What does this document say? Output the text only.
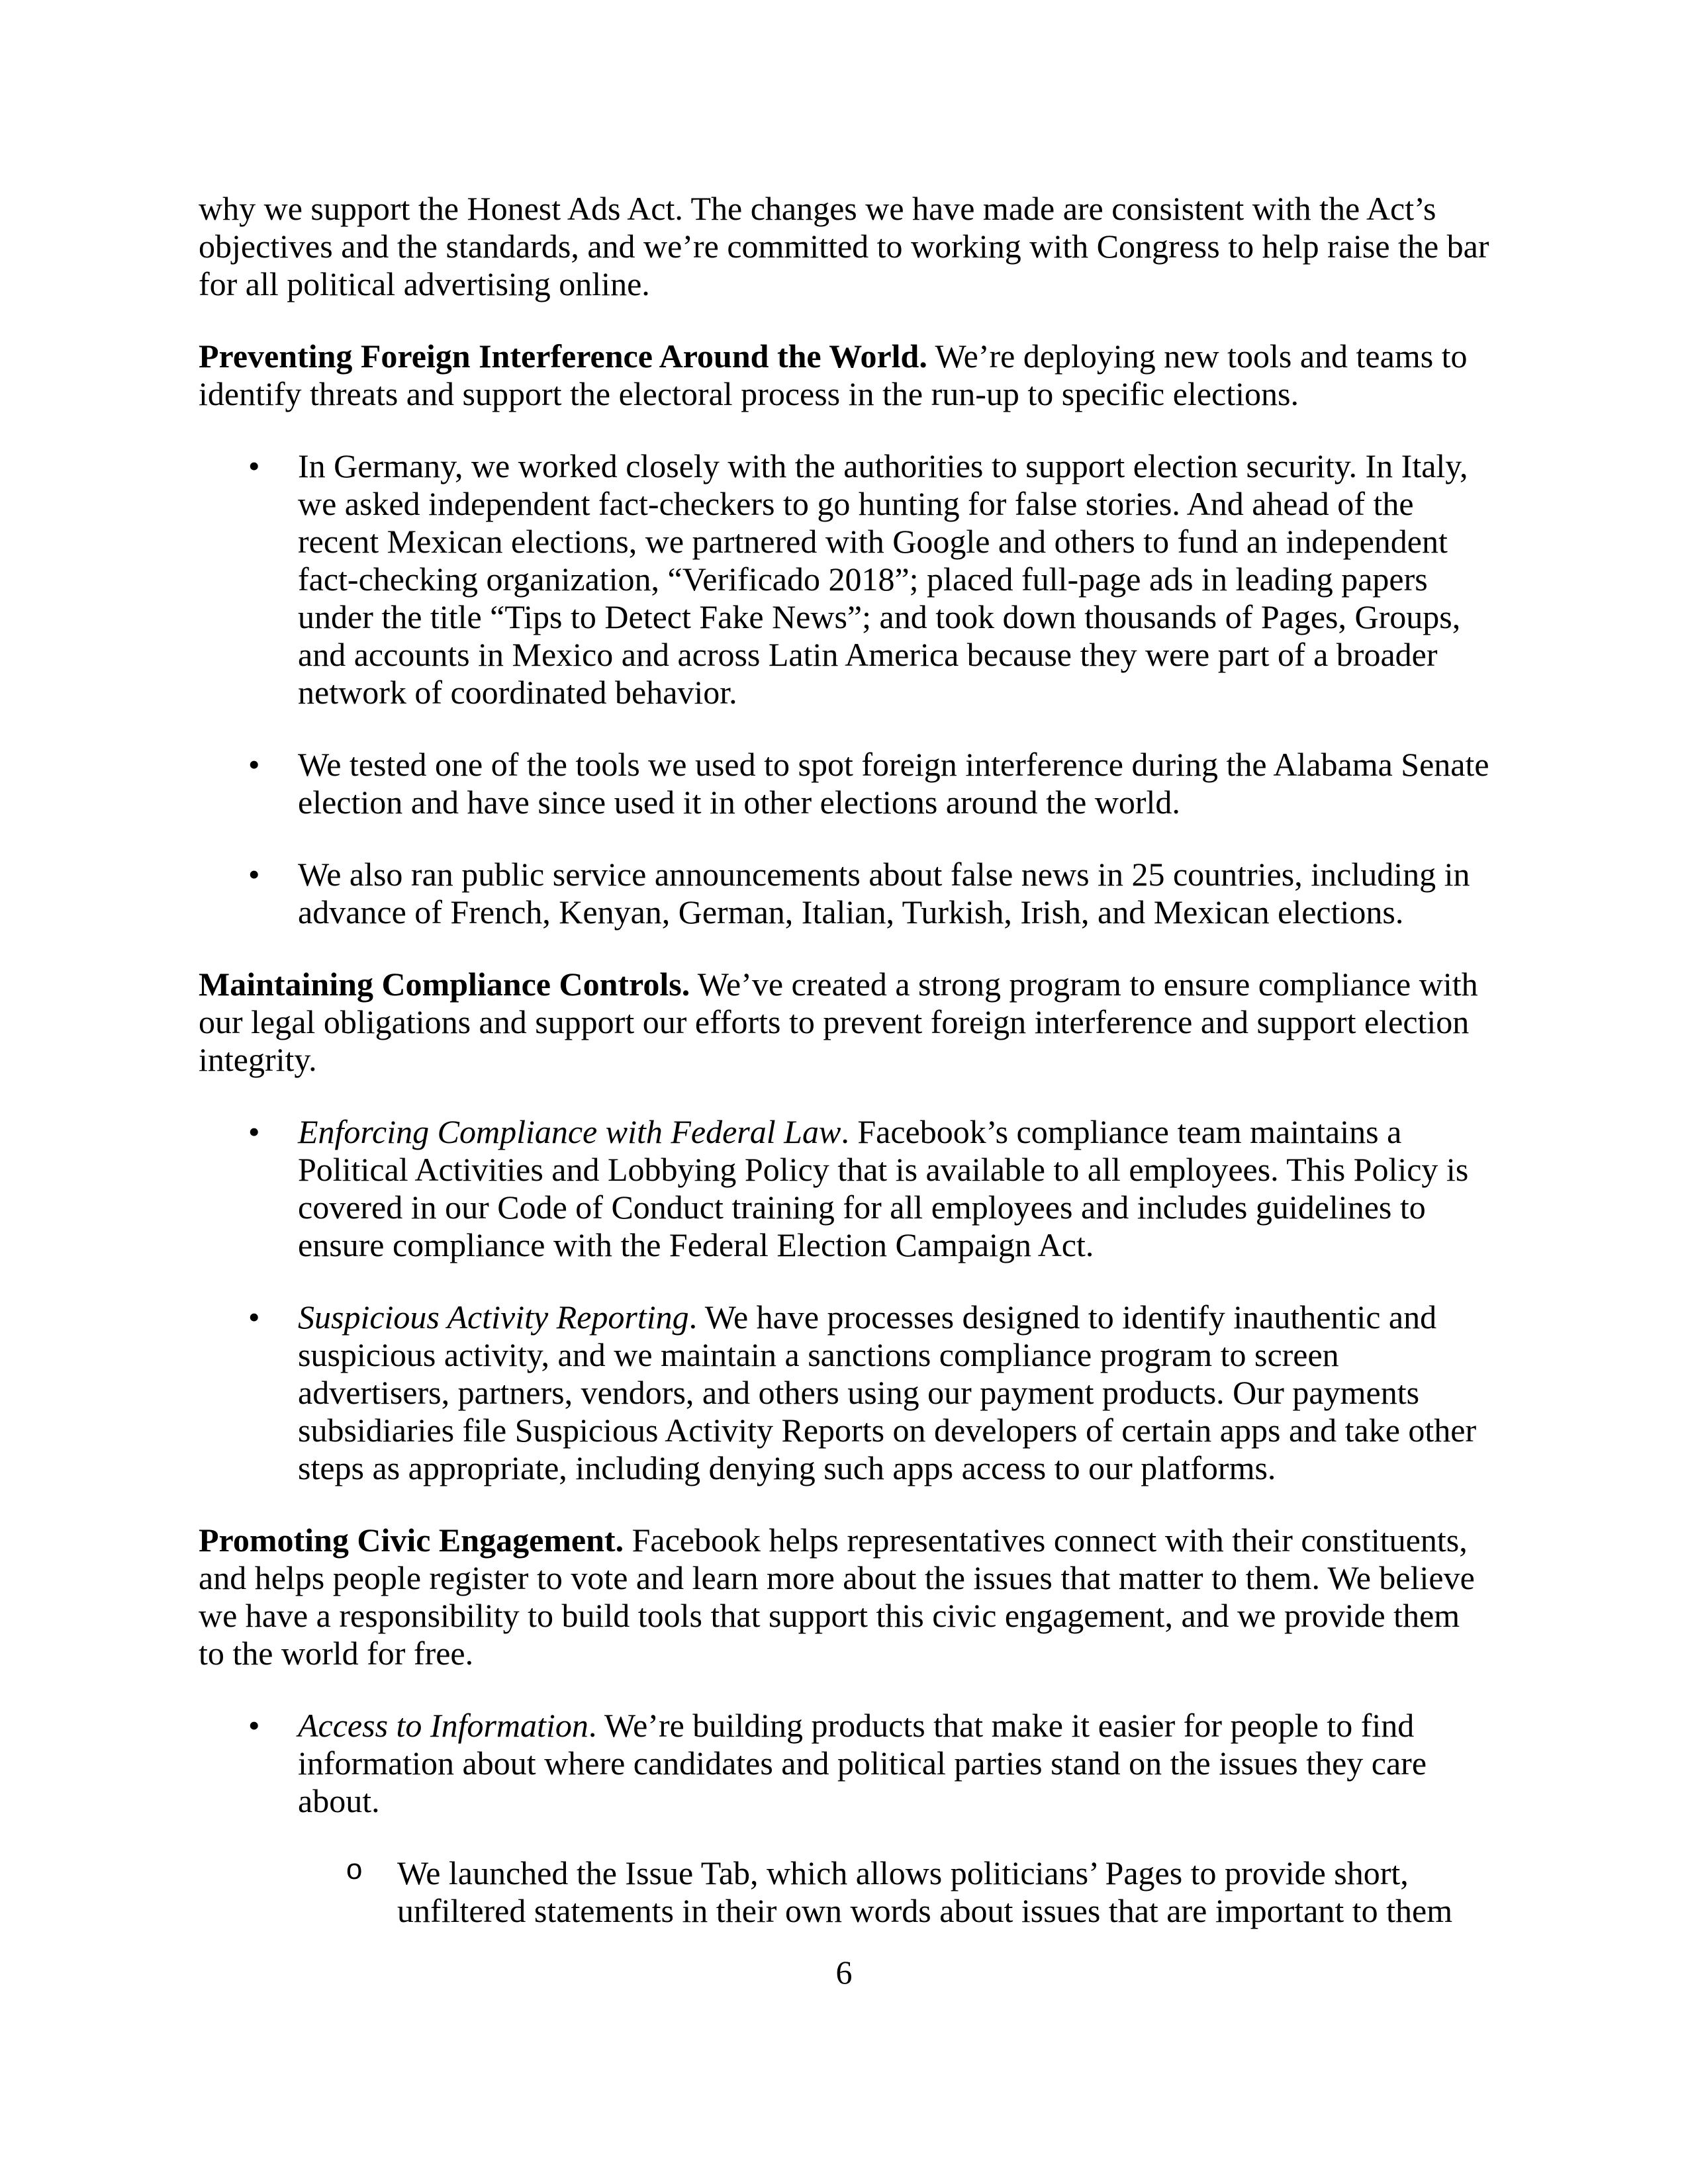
why we support the Honest Ads Act. The changes we have made are consistent with the Act’s objectives and the standards, and we’re committed to working with Congress to help raise the bar for all political advertising online.
Preventing Foreign Interference Around the World. We’re deploying new tools and teams to identify threats and support the electoral process in the run-up to specific elections.
• In Germany, we worked closely with the authorities to support election security. In Italy, we asked independent fact-checkers to go hunting for false stories. And ahead of the recent Mexican elections, we partnered with Google and others to fund an independent fact-checking organization, “Verificado 2018”; placed full-page ads in leading papers under the title “Tips to Detect Fake News”; and took down thousands of Pages, Groups, and accounts in Mexico and across Latin America because they were part of a broader network of coordinated behavior.
• We tested one of the tools we used to spot foreign interference during the Alabama Senate election and have since used it in other elections around the world.
• We also ran public service announcements about false news in 25 countries, including in advance of French, Kenyan, German, Italian, Turkish, Irish, and Mexican elections.
Maintaining Compliance Controls. We’ve created a strong program to ensure compliance with our legal obligations and support our efforts to prevent foreign interference and support election integrity.
• Enforcing Compliance with Federal Law. Facebook’s compliance team maintains a Political Activities and Lobbying Policy that is available to all employees. This Policy is covered in our Code of Conduct training for all employees and includes guidelines to ensure compliance with the Federal Election Campaign Act.
• Suspicious Activity Reporting. We have processes designed to identify inauthentic and suspicious activity, and we maintain a sanctions compliance program to screen advertisers, partners, vendors, and others using our payment products. Our payments subsidiaries file Suspicious Activity Reports on developers of certain apps and take other steps as appropriate, including denying such apps access to our platforms.
Promoting Civic Engagement. Facebook helps representatives connect with their constituents, and helps people register to vote and learn more about the issues that matter to them. We believe we have a responsibility to build tools that support this civic engagement, and we provide them to the world for free.
• Access to Information. We’re building products that make it easier for people to find information about where candidates and political parties stand on the issues they care about.
o We launched the Issue Tab, which allows politicians’ Pages to provide short, unfiltered statements in their own words about issues that are important to them
6
